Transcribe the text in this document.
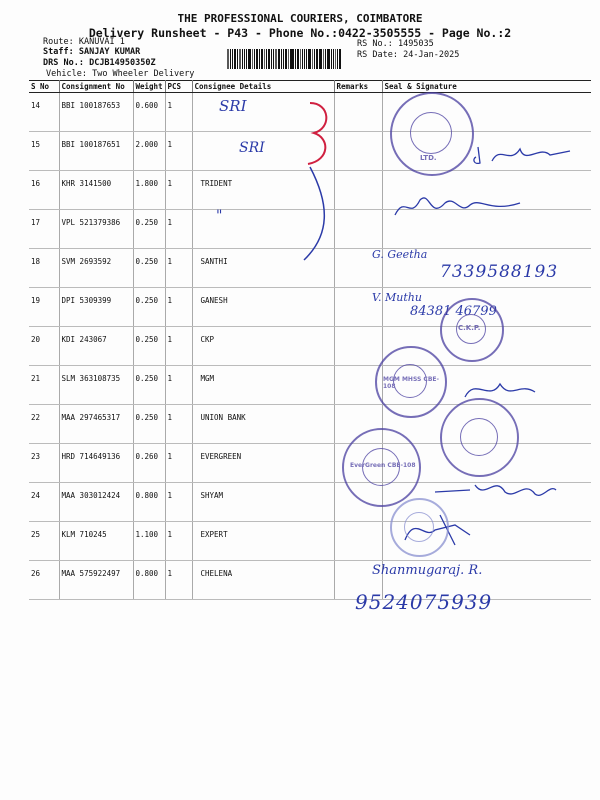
THE PROFESSIONAL COURIERS, COIMBATORE
Delivery Runsheet - P43 - Phone No.:0422-3505555 - Page No.:2
Route: KANUVAI 1
Staff: SANJAY KUMAR
DRS No.: DCJB14950350Z
Vehicle: Two Wheeler Delivery
RS No.: 1495035
RS Date: 24-Jan-2025
S No	Consignment No	Weight	PCS	Consignee Details	Remarks	Seal & Signature
14	BBI 100187653	0.600	1			
15	BBI 100187651	2.000	1			
16	KHR 3141500	1.800	1	TRIDENT		
17	VPL 521379386	0.250	1			
18	SVM 2693592	0.250	1	SANTHI		
19	DPI 5309399	0.250	1	GANESH		
20	KDI 243067	0.250	1	CKP		
21	SLM 363108735	0.250	1	MGM		
22	MAA 297465317	0.250	1	UNION BANK		
23	HRD 714649136	0.260	1	EVERGREEN		
24	MAA 303012424	0.800	1	SHYAM		
25	KLM 710245	1.100	1	EXPERT		
26	MAA 575922497	0.800	1	CHELENA		
SRI
SRI
"
G. Geetha
7339588193
V. Muthu
84381 46799
Shanmugaraj. R.
9524075939
LTD.
C.K.P.
MGM MHSS CBE-108
EverGreen CBE-108
